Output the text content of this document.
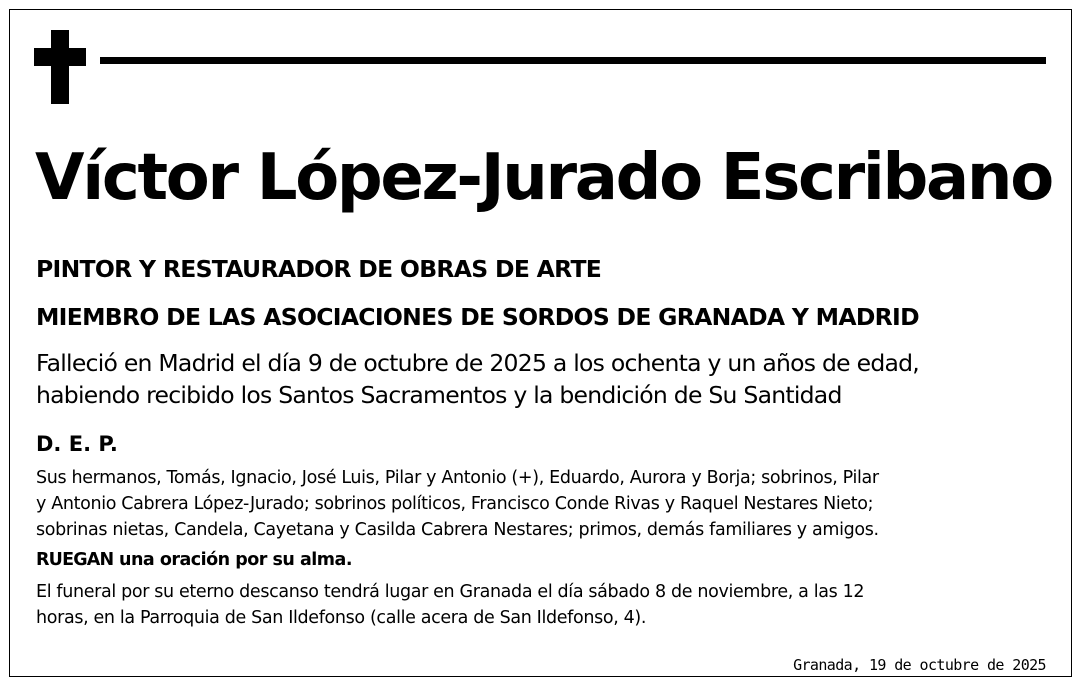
Víctor López-Jurado Escribano
PINTOR Y RESTAURADOR DE OBRAS DE ARTE
MIEMBRO DE LAS ASOCIACIONES DE SORDOS DE GRANADA Y MADRID
Falleció en Madrid el día 9 de octubre de 2025 a los ochenta y un años de edad,
habiendo recibido los Santos Sacramentos y la bendición de Su Santidad
D. E. P.
Sus hermanos, Tomás, Ignacio, José Luis, Pilar y Antonio (+), Eduardo, Aurora y Borja; sobrinos, Pilar
y Antonio Cabrera López-Jurado; sobrinos políticos, Francisco Conde Rivas y Raquel Nestares Nieto;
sobrinas nietas, Candela, Cayetana y Casilda Cabrera Nestares; primos, demás familiares y amigos.
RUEGAN una oración por su alma.
El funeral por su eterno descanso tendrá lugar en Granada el día sábado 8 de noviembre, a las 12
horas, en la Parroquia de San Ildefonso (calle acera de San Ildefonso, 4).
Granada, 19 de octubre de 2025
